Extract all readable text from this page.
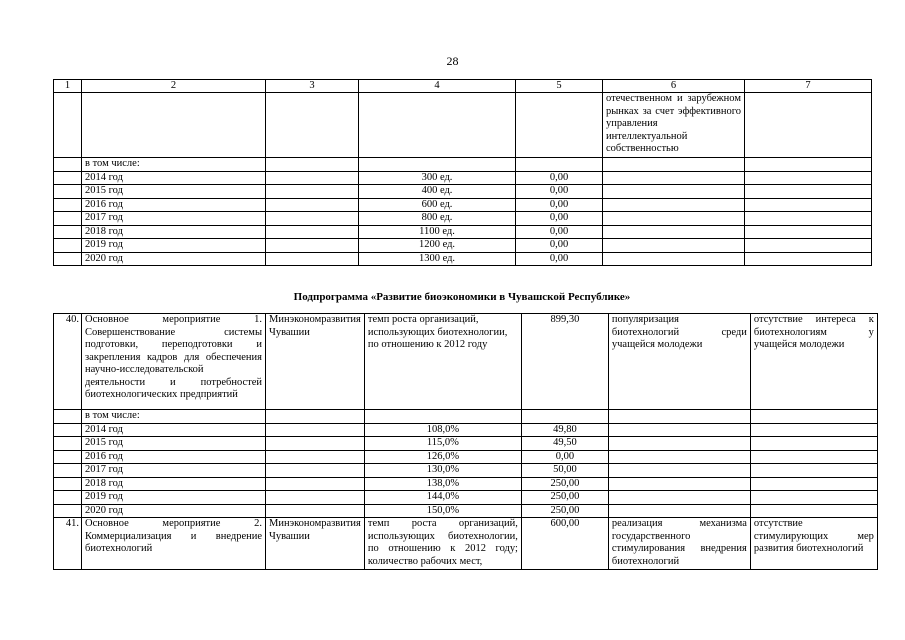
28
1	2	3	4	5	6	7
					отечественном и зарубежном рынках за счет эффективного управления интеллектуальной собственностью	
	в том числе:					
	2014 год		300 ед.	0,00		
	2015 год		400 ед.	0,00		
	2016 год		600 ед.	0,00		
	2017 год		800 ед.	0,00		
	2018 год		1100 ед.	0,00		
	2019 год		1200 ед.	0,00		
	2020 год		1300 ед.	0,00		
Подпрограмма «Развитие биоэкономики в Чувашской Республике»
40.	Основное мероприятие 1. Совершенствование системы подготовки, переподготовки и закрепления кадров для обеспечения научно-исследовательской деятельности и потребностей биотехнологических предприятий	Минэкономразвития Чувашии	темп роста организаций, использующих биотехнологии, по отношению к 2012 году	899,30	популяризация биотехнологий среди учащейся молодежи	отсутствие интереса к биотехнологиям у учащейся молодежи
	в том числе:					
	2014 год		108,0%	49,80		
	2015 год		115,0%	49,50		
	2016 год		126,0%	0,00		
	2017 год		130,0%	50,00		
	2018 год		138,0%	250,00		
	2019 год		144,0%	250,00		
	2020 год		150,0%	250,00		
41.	Основное мероприятие 2. Коммерциализация и внедрение биотехнологий	Минэкономразвития Чувашии	темп роста организаций, использующих биотехнологии, по отношению к 2012 году; количество рабочих мест,	600,00	реализация механизма государственного стимулирования внедрения биотехнологий	отсутствие стимулирующих мер развития биотехнологий
